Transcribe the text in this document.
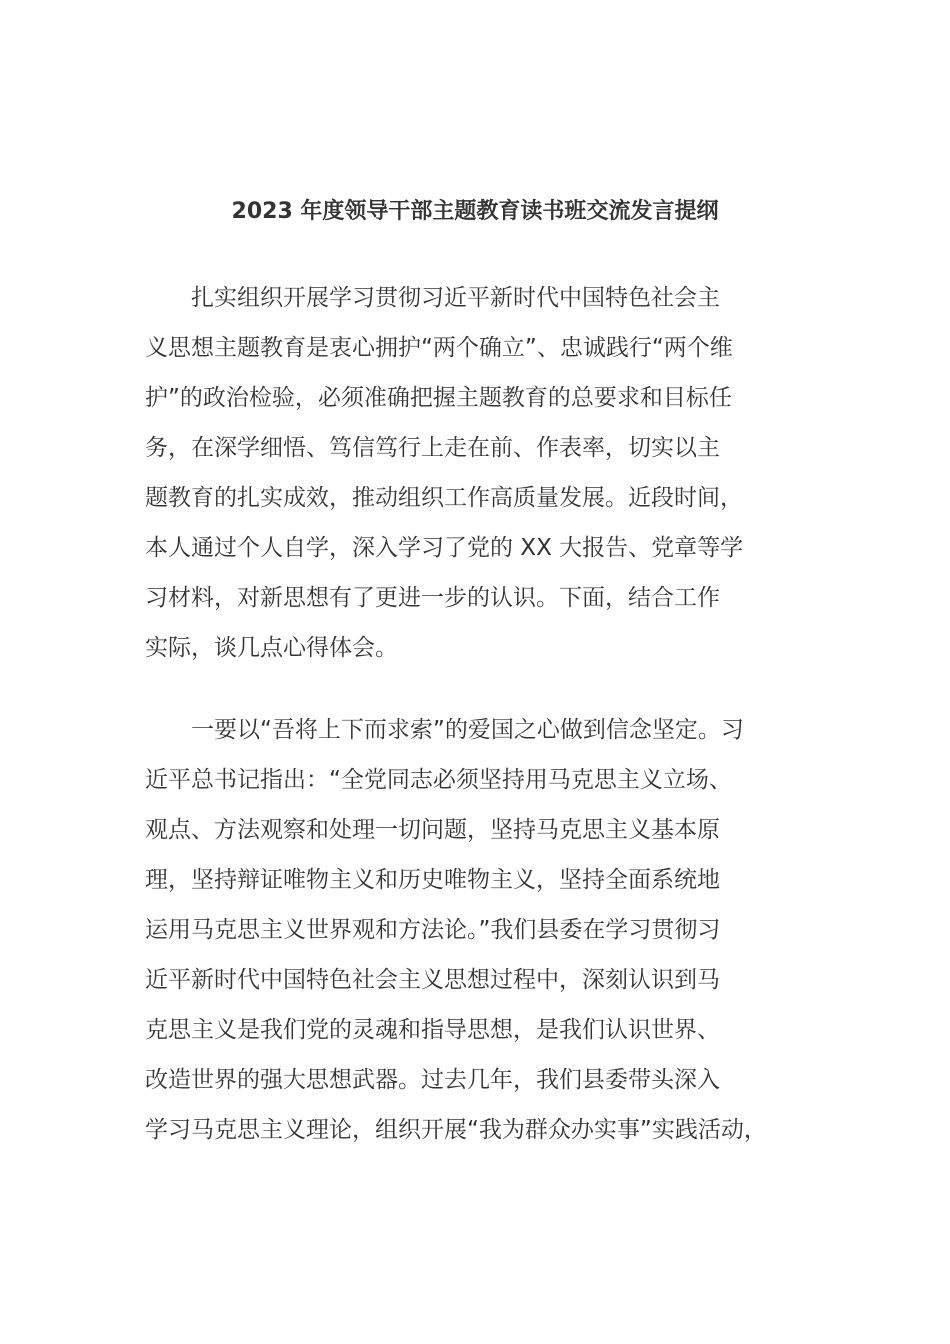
2023 年度领导干部主题教育读书班交流发言提纲
　　扎实组织开展学习贯彻习近平新时代中国特色社会主
义思想主题教育是衷心拥护“两个确立”、忠诚践行“两个维
护”的政治检验，必须准确把握主题教育的总要求和目标任
务，在深学细悟、笃信笃行上走在前、作表率，切实以主
题教育的扎实成效，推动组织工作高质量发展。近段时间，
本人通过个人自学，深入学习了党的 XX 大报告、党章等学
习材料，对新思想有了更进一步的认识。下面，结合工作
实际，谈几点心得体会。
　　一要以“吾将上下而求索”的爱国之心做到信念坚定。习
近平总书记指出：“全党同志必须坚持用马克思主义立场、
观点、方法观察和处理一切问题，坚持马克思主义基本原
理，坚持辩证唯物主义和历史唯物主义，坚持全面系统地
运用马克思主义世界观和方法论。”我们县委在学习贯彻习
近平新时代中国特色社会主义思想过程中，深刻认识到马
克思主义是我们党的灵魂和指导思想，是我们认识世界、
改造世界的强大思想武器。过去几年，我们县委带头深入
学习马克思主义理论，组织开展“我为群众办实事”实践活动，
